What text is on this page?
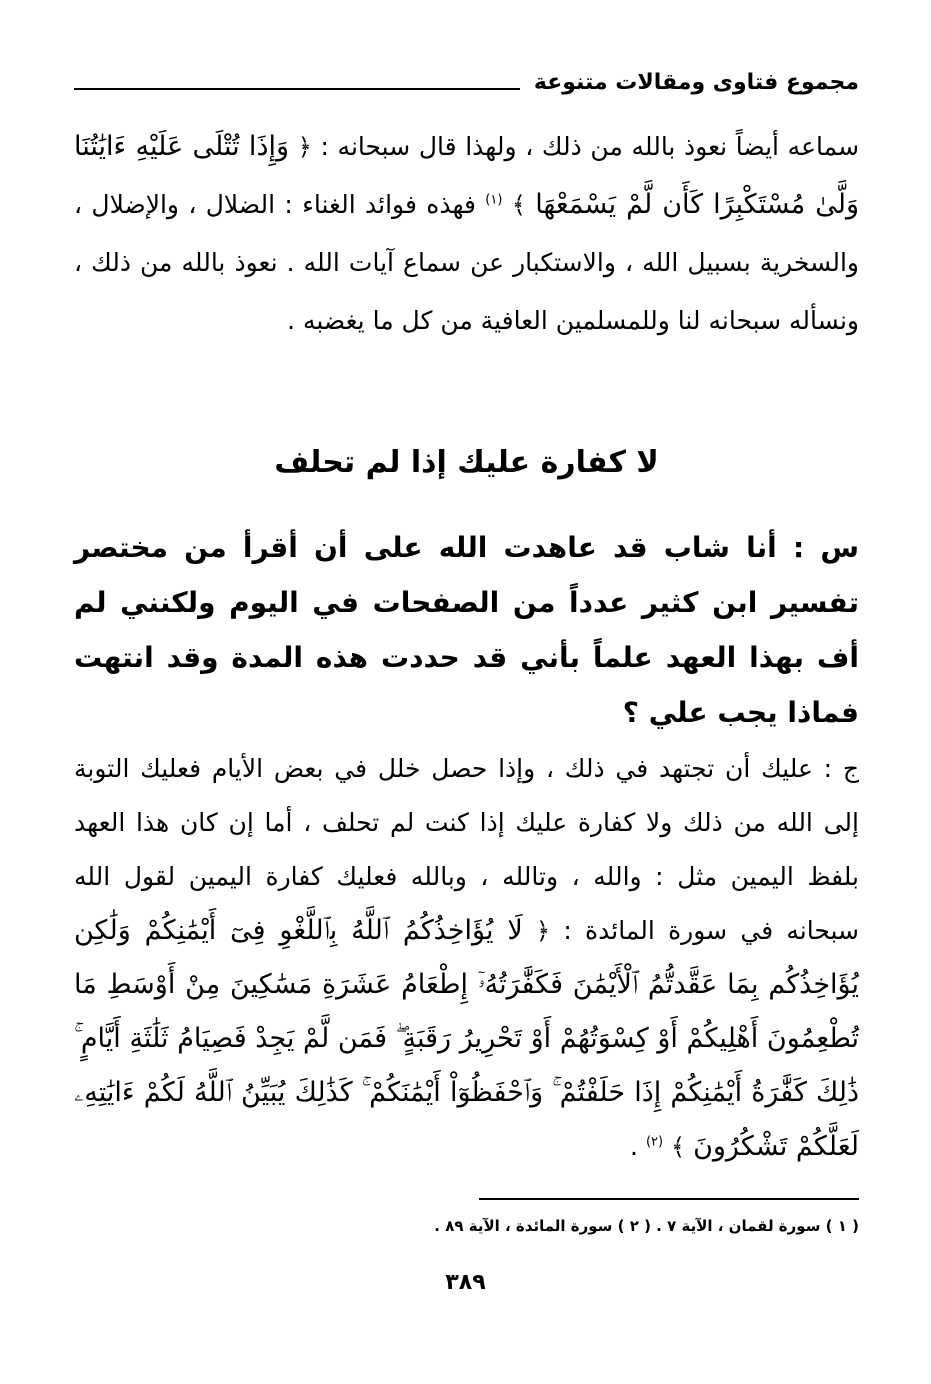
مجموع فتاوى ومقالات متنوعة

سماعه أيضاً نعوذ بالله من ذلك ، ولهذا قال سبحانه : ﴿ وَإِذَا تُتْلَى عَلَيْهِ ءَايَٰتُنَا وَلَّىٰ مُسْتَكْبِرًا كَأَن لَّمْ يَسْمَعْهَا ﴾ $^{(١)}$ فهذه فوائد الغناء : الضلال ، والإضلال ، والسخرية بسبيل الله ، والاستكبار عن سماع آيات الله . نعوذ بالله من ذلك ، ونسأله سبحانه لنا وللمسلمين العافية من كل ما يغضبه .

لا كفارة عليك إذا لم تحلف

س : أنا شاب قد عاهدت الله على أن أقرأ من مختصر تفسير ابن كثير عدداً من الصفحات في اليوم ولكنني لم أف بهذا العهد علماً بأني قد حددت هذه المدة وقد انتهت فماذا يجب علي ؟

ج : عليك أن تجتهد في ذلك ، وإذا حصل خلل في بعض الأيام فعليك التوبة إلى الله من ذلك ولا كفارة عليك إذا كنت لم تحلف ، أما إن كان هذا العهد بلفظ اليمين مثل : والله ، وتالله ، وبالله فعليك كفارة اليمين لقول الله سبحانه في سورة المائدة : ﴿ لَا يُؤَاخِذُكُمُ ٱللَّهُ بِٱللَّغْوِ فِىٓ أَيْمَٰنِكُمْ وَلَٰكِن يُؤَاخِذُكُم بِمَا عَقَّدتُّمُ ٱلْأَيْمَٰنَ فَكَفَّٰرَتُهُۥٓ إِطْعَامُ عَشَرَةِ مَسَٰكِينَ مِنْ أَوْسَطِ مَا تُطْعِمُونَ أَهْلِيكُمْ أَوْ كِسْوَتُهُمْ أَوْ تَحْرِيرُ رَقَبَةٍ ۖ فَمَن لَّمْ يَجِدْ فَصِيَامُ ثَلَٰثَةِ أَيَّامٍ ۚ ذَٰلِكَ كَفَّٰرَةُ أَيْمَٰنِكُمْ إِذَا حَلَفْتُمْ ۚ وَٱحْفَظُوٓاْ أَيْمَٰنَكُمْ ۚ كَذَٰلِكَ يُبَيِّنُ ٱللَّهُ لَكُمْ ءَايَٰتِهِۦ لَعَلَّكُمْ تَشْكُرُونَ ﴾ $^{(٢)}$ .

( ١ ) سورة لقمان ، الآية ٧ . ( ٢ ) سورة المائدة ، الآية ٨٩ .
٣٨٩
